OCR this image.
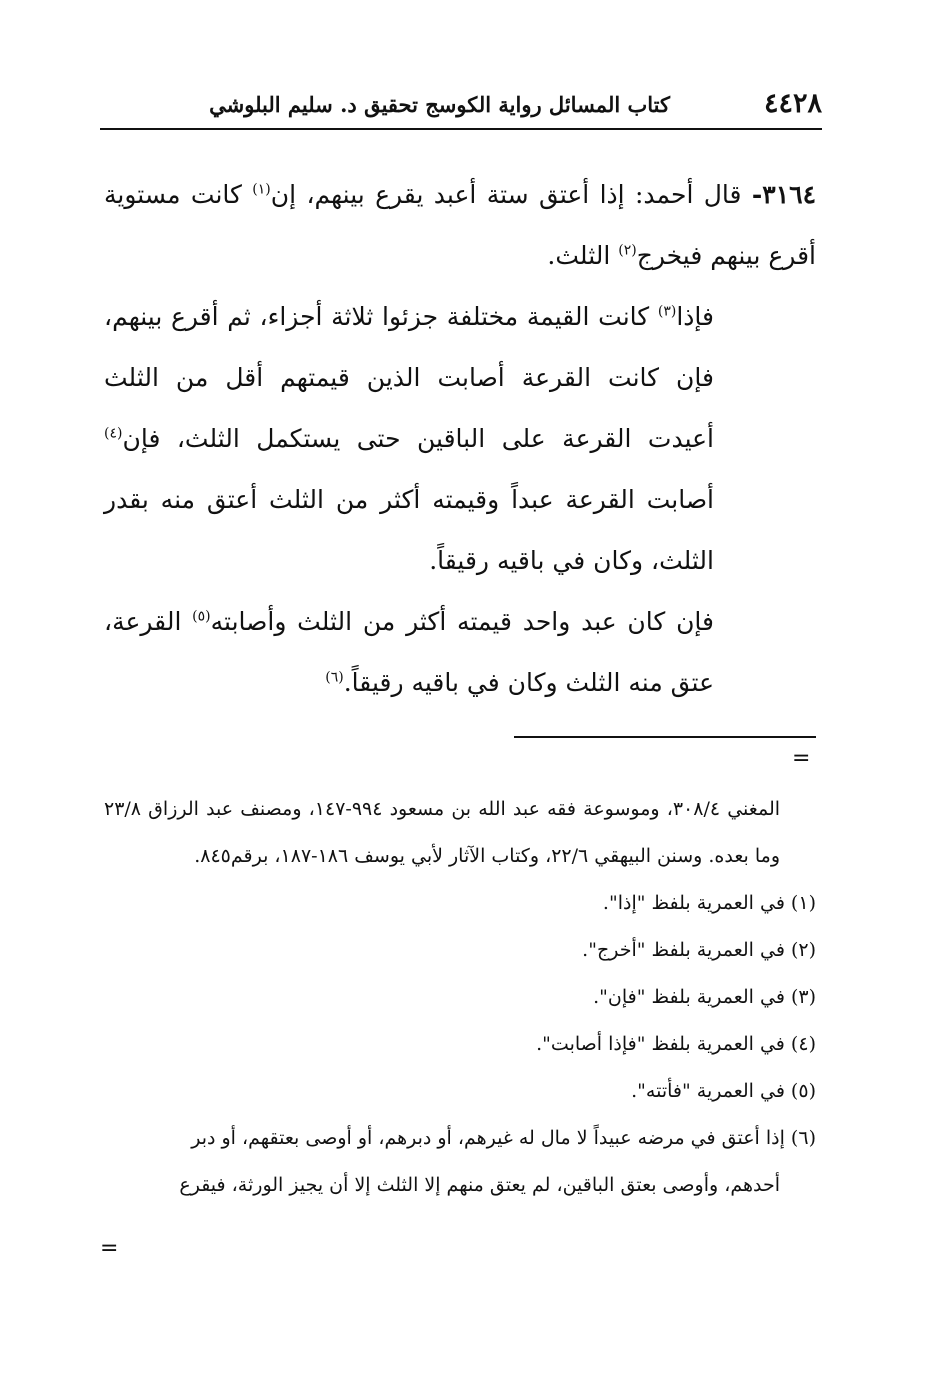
٤٤٢٨
كتاب المسائل رواية الكوسج تحقيق د. سليم البلوشي

٣١٦٤- قال أحمد: إذا أعتق ستة أعبد يقرع بينهم، إن$^{(١)}$ كانت مستوية أقرع بينهم فيخرج$^{(٢)}$ الثلث.

فإذا$^{(٣)}$ كانت القيمة مختلفة جزئوا ثلاثة أجزاء، ثم أقرع بينهم، فإن كانت القرعة أصابت الذين قيمتهم أقل من الثلث أعيدت القرعة على الباقين حتى يستكمل الثلث، فإن$^{(٤)}$ أصابت القرعة عبداً وقيمته أكثر من الثلث أعتق منه بقدر الثلث، وكان في باقيه رقيقاً.

فإن كان عبد واحد قيمته أكثر من الثلث وأصابته$^{(٥)}$ القرعة، عتق منه الثلث وكان في باقيه رقيقاً.$^{(٦)}$

=

المغني ٣٠٨/٤، وموسوعة فقه عبد الله بن مسعود ٩٩٤-١٤٧، ومصنف عبد الرزاق ٢٣/٨ وما بعده. وسنن البيهقي ٢٢/٦، وكتاب الآثار لأبي يوسف ١٨٦-١٨٧، برقم٨٤٥.

(١) في العمرية بلفظ "إذا".

(٢) في العمرية بلفظ "أخرج".

(٣) في العمرية بلفظ "فإن".

(٤) في العمرية بلفظ "فإذا أصابت".

(٥) في العمرية "فأتته".

(٦) إذا أعتق في مرضه عبيداً لا مال له غيرهم، أو دبرهم، أو أوصى بعتقهم، أو دبر
أحدهم، وأوصى بعتق الباقين، لم يعتق منهم إلا الثلث إلا أن يجيز الورثة، فيقرع

=
